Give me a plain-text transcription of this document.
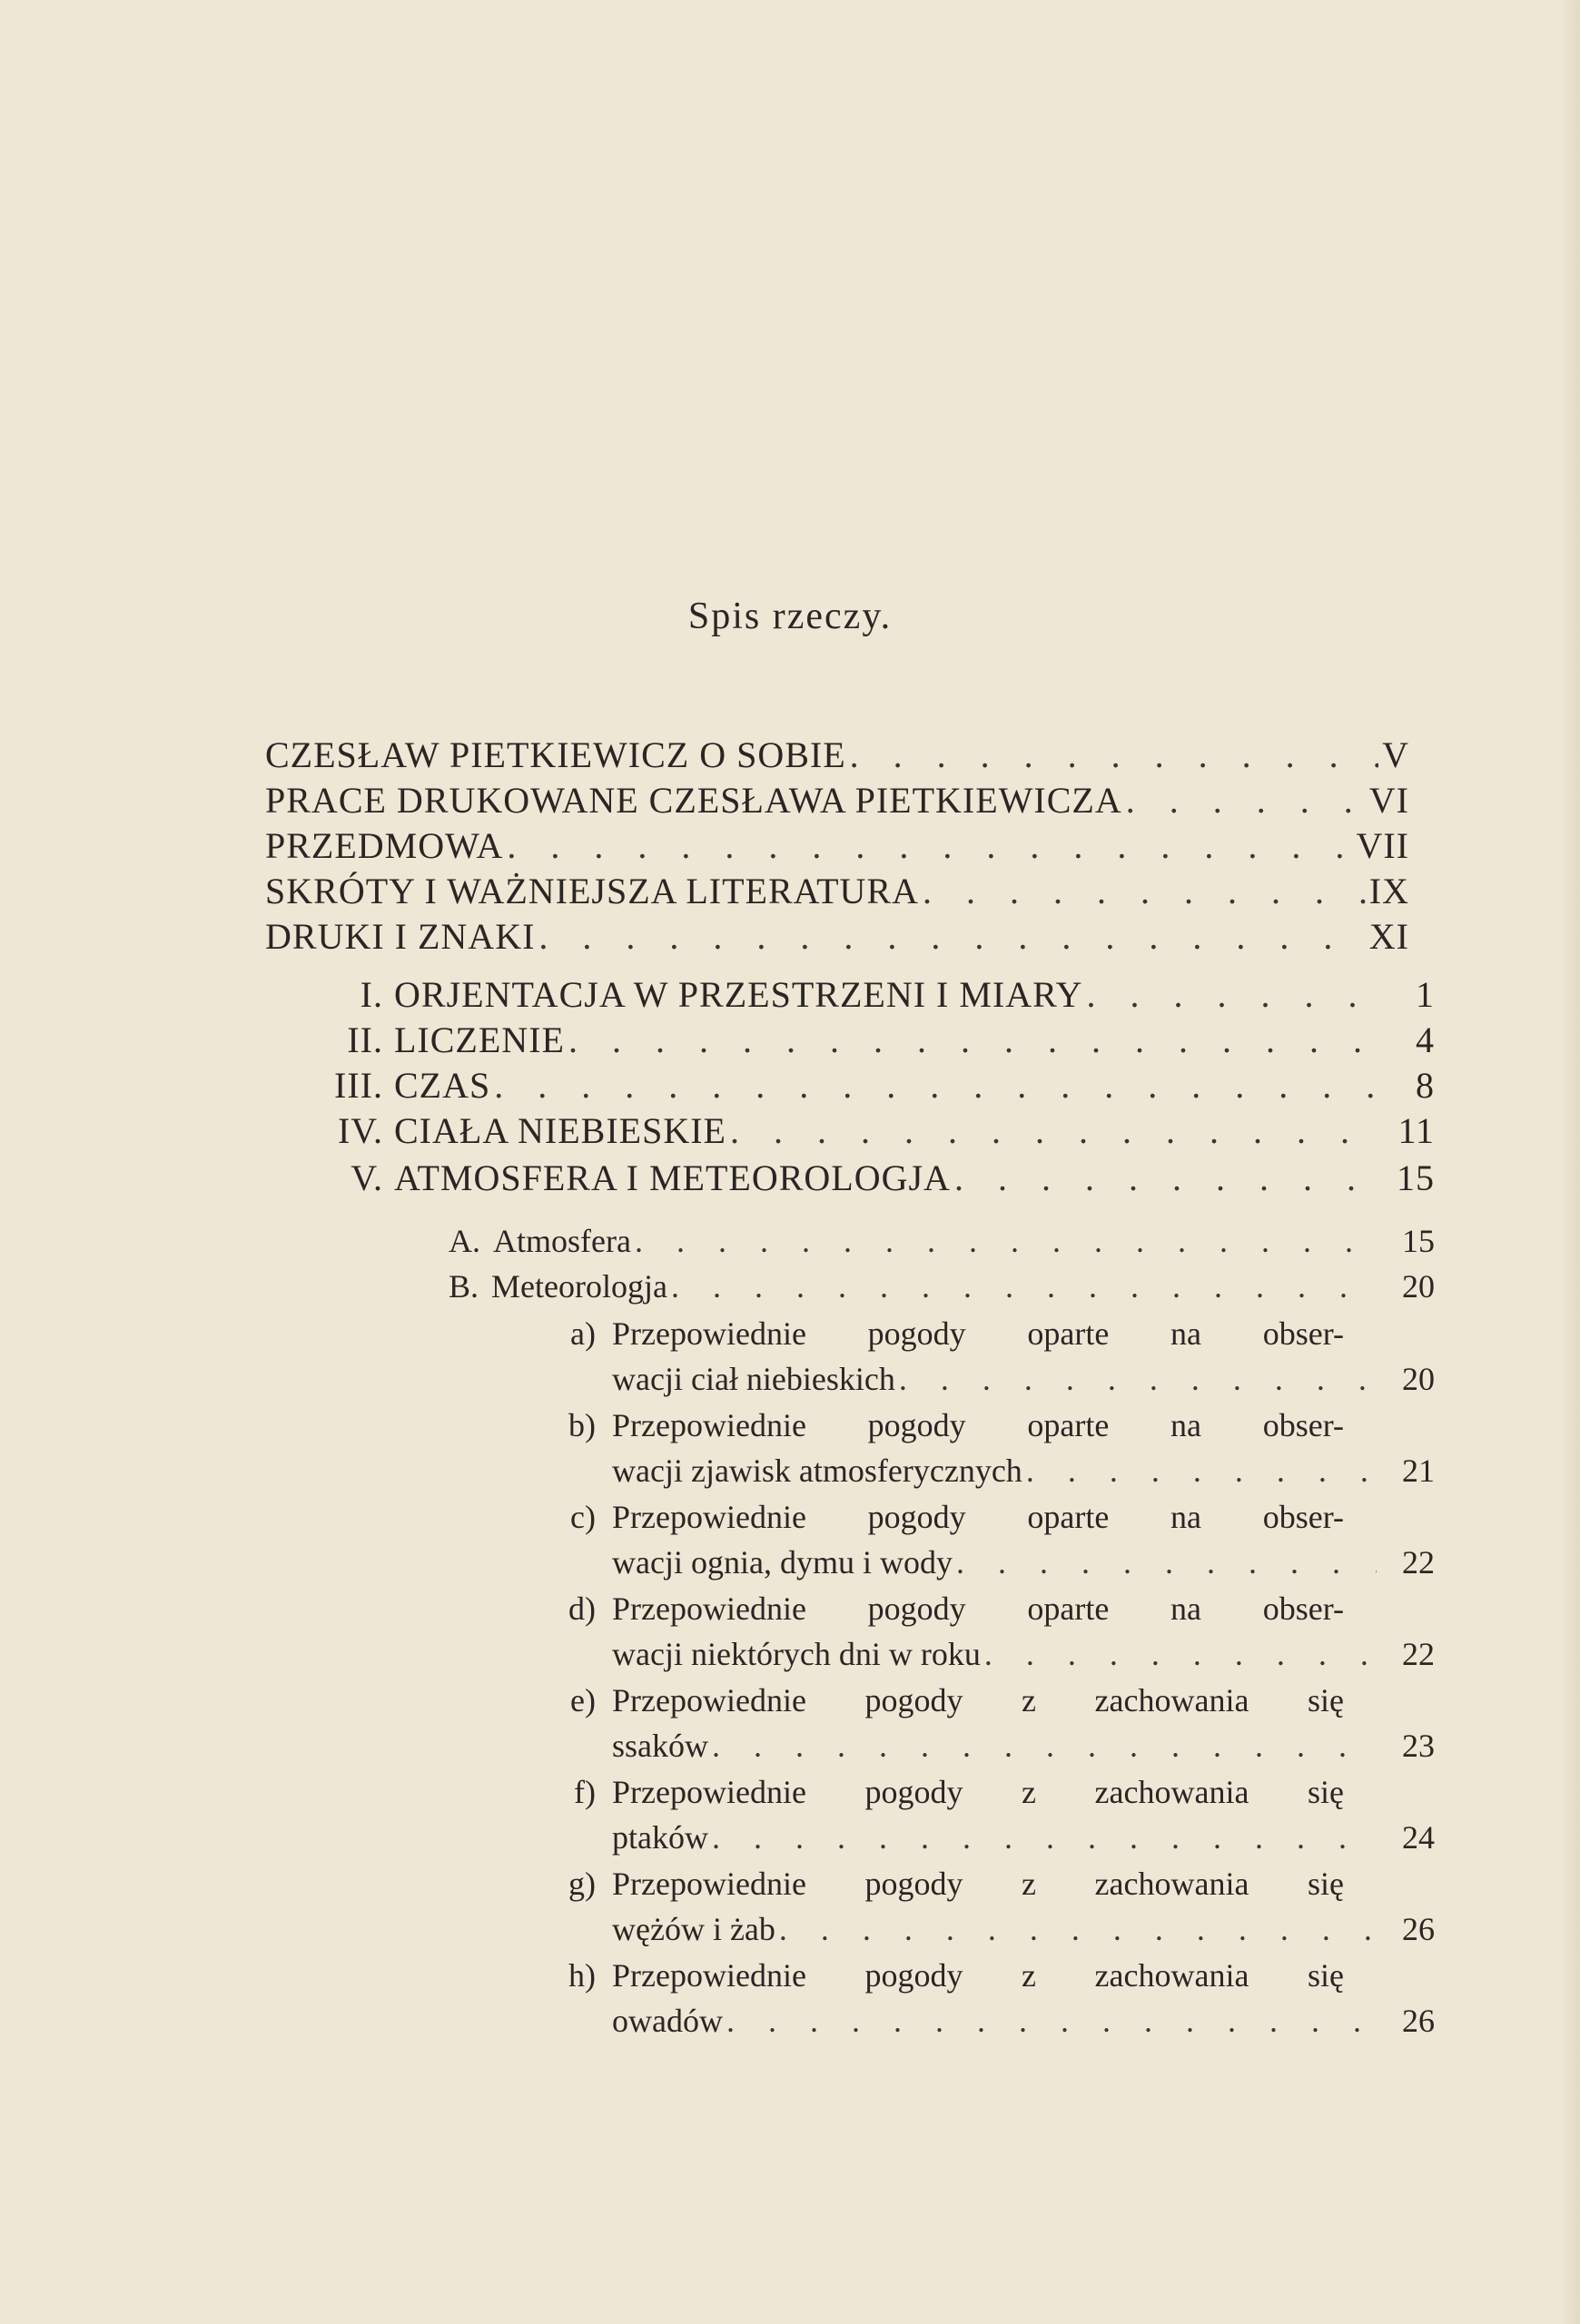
Spis rzeczy.
CZESŁAW PIETKIEWICZ O SOBIE . . .	V
PRACE DRUKOWANE CZESŁAWA PIETKIEWICZA . . .	VI
PRZEDMOWA . . .	VII
SKRÓTY I WAŻNIEJSZA LITERATURA . . .	IX
DRUKI I ZNAKI . . .	XI
I. ORJENTACJA W PRZESTRZENI I MIARY . . .	1
II. LICZENIE . . .	4
III. CZAS . . .	8
IV. CIAŁA NIEBIESKIE . . .	11
V. ATMOSFERA I METEOROLOGJA . . .	15
A. Atmosfera . . .	15
B. Meteorologja . . .	20
a) Przepowiednie pogody oparte na obser-
wacji ciał niebieskich . . .	20
b) Przepowiednie pogody oparte na obser-
wacji zjawisk atmosferycznych . . .	21
c) Przepowiednie pogody oparte na obser-
wacji ognia, dymu i wody . . .	22
d) Przepowiednie pogody oparte na obser-
wacji niektórych dni w roku . . .	22
e) Przepowiednie pogody z zachowania się
ssaków . . .	23
f) Przepowiednie pogody z zachowania się
ptaków . . .	24
g) Przepowiednie pogody z zachowania się
wężów i żab . . .	26
h) Przepowiednie pogody z zachowania się
owadów . . .	26
